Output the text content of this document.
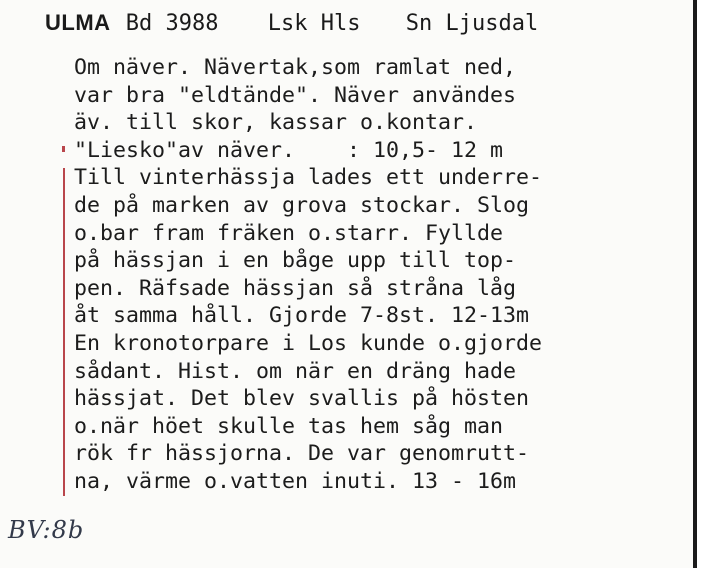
ULMA Bd 3988 Lsk Hls Sn Ljusdal
Om näver. Nävertak,som ramlat ned,
var bra "eldtände". Näver användes
äv. till skor, kassar o.kontar.
"Liesko"av näver.    : 10,5- 12 m
Till vinterhässja lades ett underre-
de på marken av grova stockar. Slog
o.bar fram fräken o.starr. Fyllde
på hässjan i en båge upp till top-
pen. Räfsade hässjan så stråna låg
åt samma håll. Gjorde 7-8st. 12-13m
En kronotorpare i Los kunde o.gjorde
sådant. Hist. om när en dräng hade
hässjat. Det blev svallis på hösten
o.när höet skulle tas hem såg man
rök fr hässjorna. De var genomrutt-
na, värme o.vatten inuti. 13 - 16m
BV:8b
